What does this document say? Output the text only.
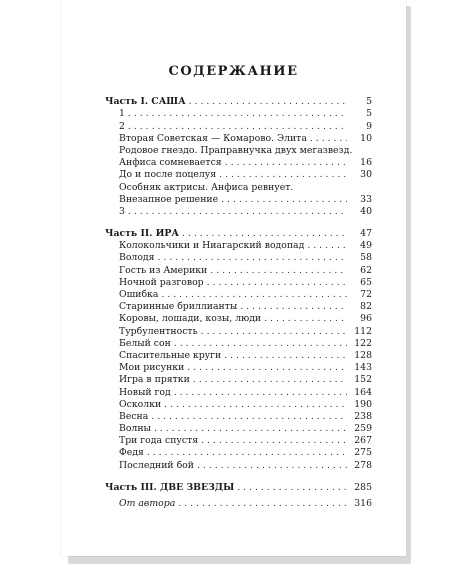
СОДЕРЖАНИЕ
Часть I. САША . . .	5
1 . . .	5
2 . . .	9
Вторая Советская — Комарово. Элита . . .	10
Родовое гнездо. Праправнучка двух мегазвезд.
Анфиса сомневается . . .	16
До и после поцелуя . . .	30
Особняк актрисы. Анфиса ревнует.
Внезапное решение . . .	33
3 . . .	40
Часть II. ИРА . . .	47
Колокольчики и Ниагарский водопад . . .	49
Володя . . .	58
Гость из Америки . . .	62
Ночной разговор . . .	65
Ошибка . . .	72
Старинные бриллианты . . .	82
Коровы, лошади, козы, люди . . .	96
Турбулентность . . .	112
Белый сон . . .	122
Спасительные круги . . .	128
Мои рисунки . . .	143
Игра в прятки . . .	152
Новый год . . .	164
Осколки . . .	190
Весна . . .	238
Волны . . .	259
Три года спустя . . .	267
Федя . . .	275
Последний бой . . .	278
Часть III. ДВЕ ЗВЕЗДЫ . . .	285
От автора . . .	316
